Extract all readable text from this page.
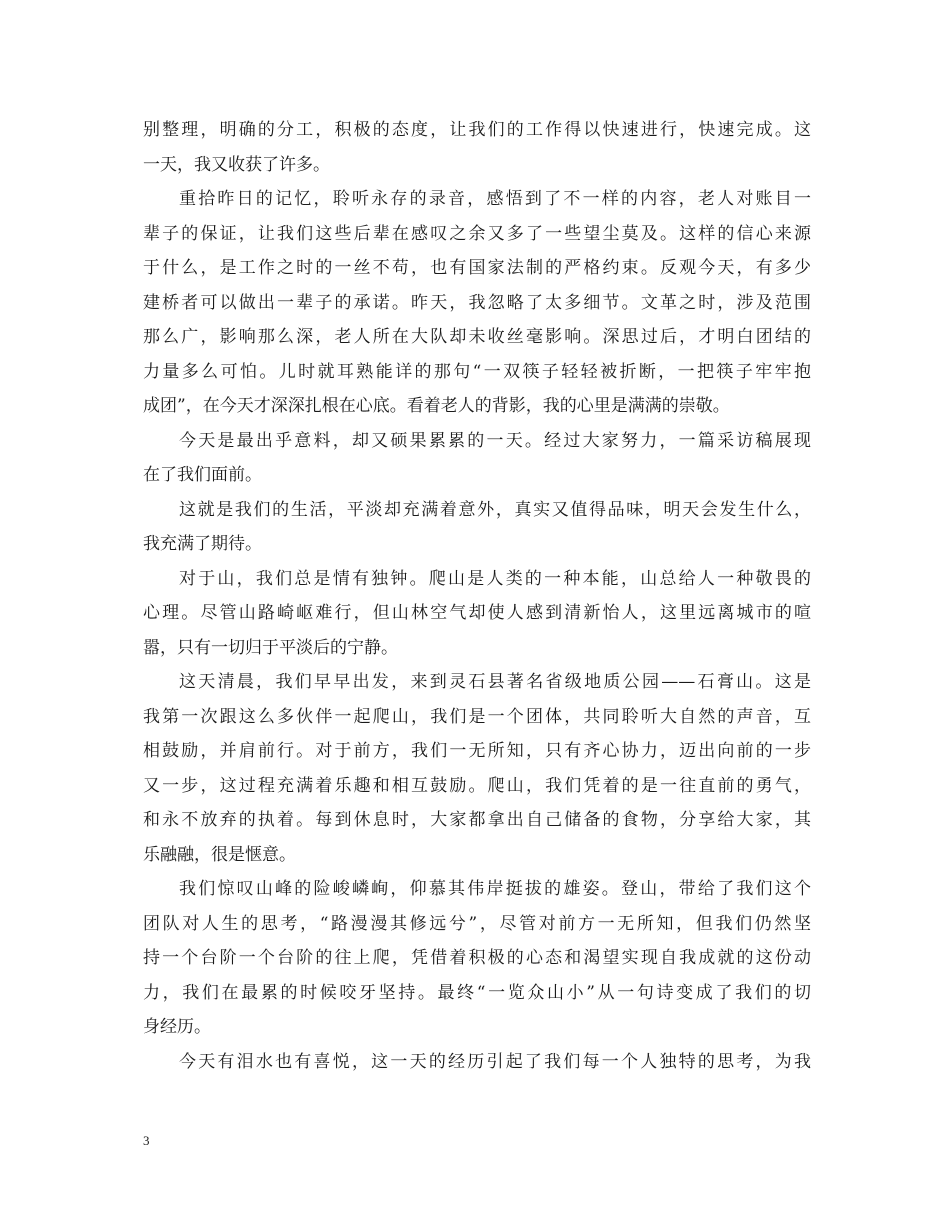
别整理，明确的分工，积极的态度，让我们的工作得以快速进行，快速完成。这
一天，我又收获了许多。
重拾昨日的记忆，聆听永存的录音，感悟到了不一样的内容，老人对账目一
辈子的保证，让我们这些后辈在感叹之余又多了一些望尘莫及。这样的信心来源
于什么，是工作之时的一丝不苟，也有国家法制的严格约束。反观今天，有多少
建桥者可以做出一辈子的承诺。昨天，我忽略了太多细节。文革之时，涉及范围
那么广，影响那么深，老人所在大队却未收丝毫影响。深思过后，才明白团结的
力量多么可怕。儿时就耳熟能详的那句“一双筷子轻轻被折断，一把筷子牢牢抱
成团”，在今天才深深扎根在心底。看着老人的背影，我的心里是满满的崇敬。
今天是最出乎意料，却又硕果累累的一天。经过大家努力，一篇采访稿展现
在了我们面前。
这就是我们的生活，平淡却充满着意外，真实又值得品味，明天会发生什么，
我充满了期待。
对于山，我们总是情有独钟。爬山是人类的一种本能，山总给人一种敬畏的
心理。尽管山路崎岖难行，但山林空气却使人感到清新怡人，这里远离城市的喧
嚣，只有一切归于平淡后的宁静。
这天清晨，我们早早出发，来到灵石县著名省级地质公园——石膏山。这是
我第一次跟这么多伙伴一起爬山，我们是一个团体，共同聆听大自然的声音，互
相鼓励，并肩前行。对于前方，我们一无所知，只有齐心协力，迈出向前的一步
又一步，这过程充满着乐趣和相互鼓励。爬山，我们凭着的是一往直前的勇气，
和永不放弃的执着。每到休息时，大家都拿出自己储备的食物，分享给大家，其
乐融融，很是惬意。
我们惊叹山峰的险峻嶙峋，仰慕其伟岸挺拔的雄姿。登山，带给了我们这个
团队对人生的思考，“路漫漫其修远兮”，尽管对前方一无所知，但我们仍然坚
持一个台阶一个台阶的往上爬，凭借着积极的心态和渴望实现自我成就的这份动
力，我们在最累的时候咬牙坚持。最终“一览众山小”从一句诗变成了我们的切
身经历。
今天有泪水也有喜悦，这一天的经历引起了我们每一个人独特的思考，为我
3
